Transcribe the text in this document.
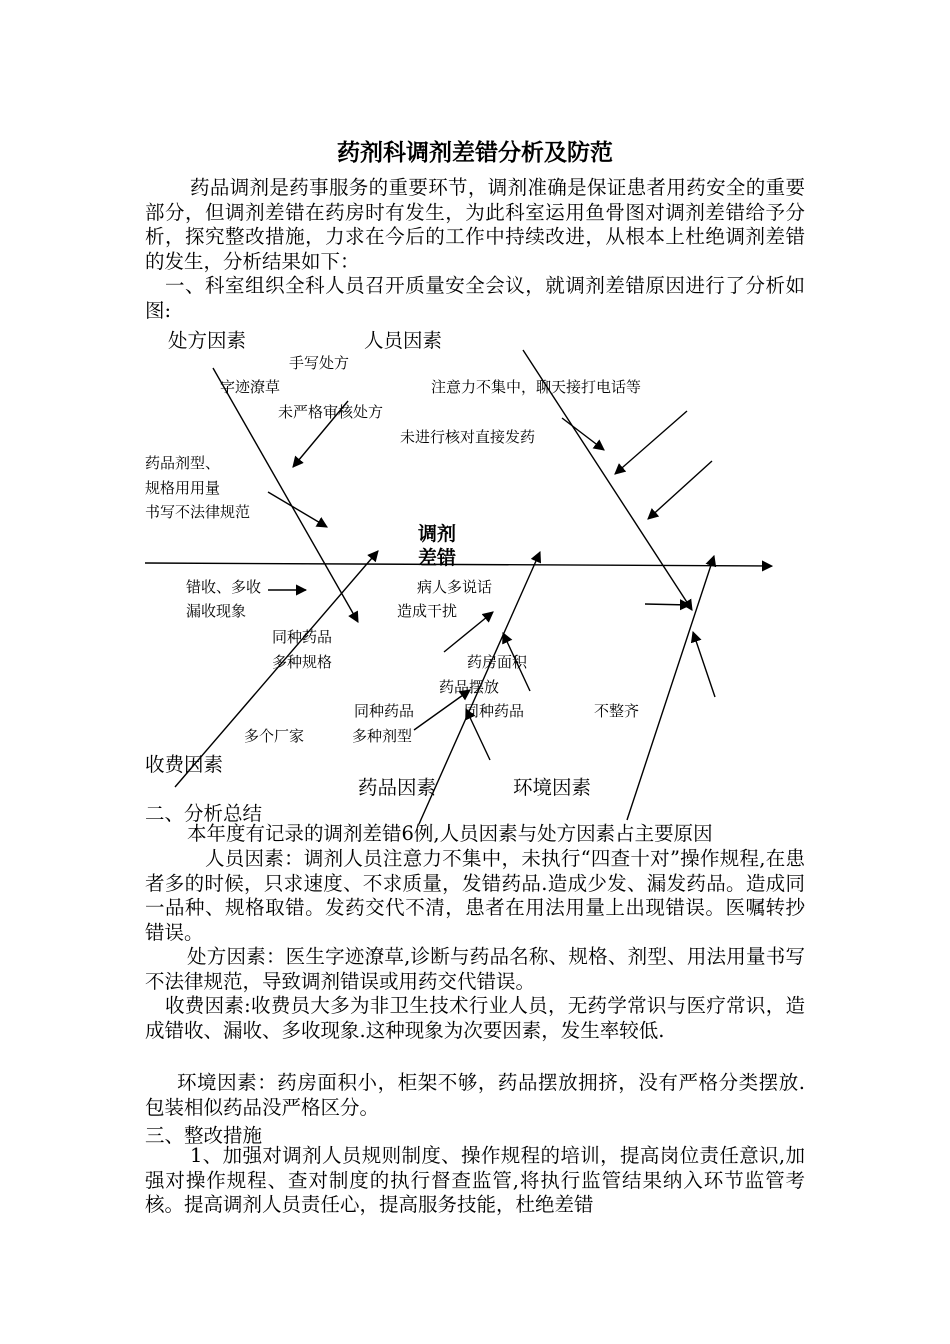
药剂科调剂差错分析及防范
药品调剂是药事服务的重要环节，调剂准确是保证患者用药安全的重要部分，但调剂差错在药房时有发生，为此科室运用鱼骨图对调剂差错给予分析，探究整改措施，力求在今后的工作中持续改进，从根本上杜绝调剂差错的发生，分析结果如下：
一、科室组织全科人员召开质量安全会议，就调剂差错原因进行了分析如图:
处方因素	人员因素
收费因素
药品因素	环境因素
调剂
差错
手写处方
字迹潦草
未严格审核处方
药品剂型、
规格用用量
书写不法律规范
注意力不集中，聊天接打电话等
未进行核对直接发药
错收、多收
漏收现象
同种药品
多种规格
多个厂家
病人多说话
造成干扰
药房面积
药品摆放
同种药品
多种剂型
同种药品	不整齐
二、分析总结
本年度有记录的调剂差错6例,人员因素与处方因素占主要原因
人员因素：调剂人员注意力不集中，未执行“四查十对”操作规程,在患者多的时候，只求速度、不求质量，发错药品.造成少发、漏发药品。造成同一品种、规格取错。发药交代不清，患者在用法用量上出现错误。医嘱转抄错误。
处方因素：医生字迹潦草,诊断与药品名称、规格、剂型、用法用量书写不法律规范，导致调剂错误或用药交代错误。
收费因素:收费员大多为非卫生技术行业人员，无药学常识与医疗常识，造成错收、漏收、多收现象.这种现象为次要因素，发生率较低.
环境因素：药房面积小，柜架不够，药品摆放拥挤，没有严格分类摆放.包装相似药品没严格区分。
三、整改措施
1、加强对调剂人员规则制度、操作规程的培训，提高岗位责任意识,加强对操作规程、查对制度的执行督查监管,将执行监管结果纳入环节监管考核。提高调剂人员责任心，提高服务技能，杜绝差错
